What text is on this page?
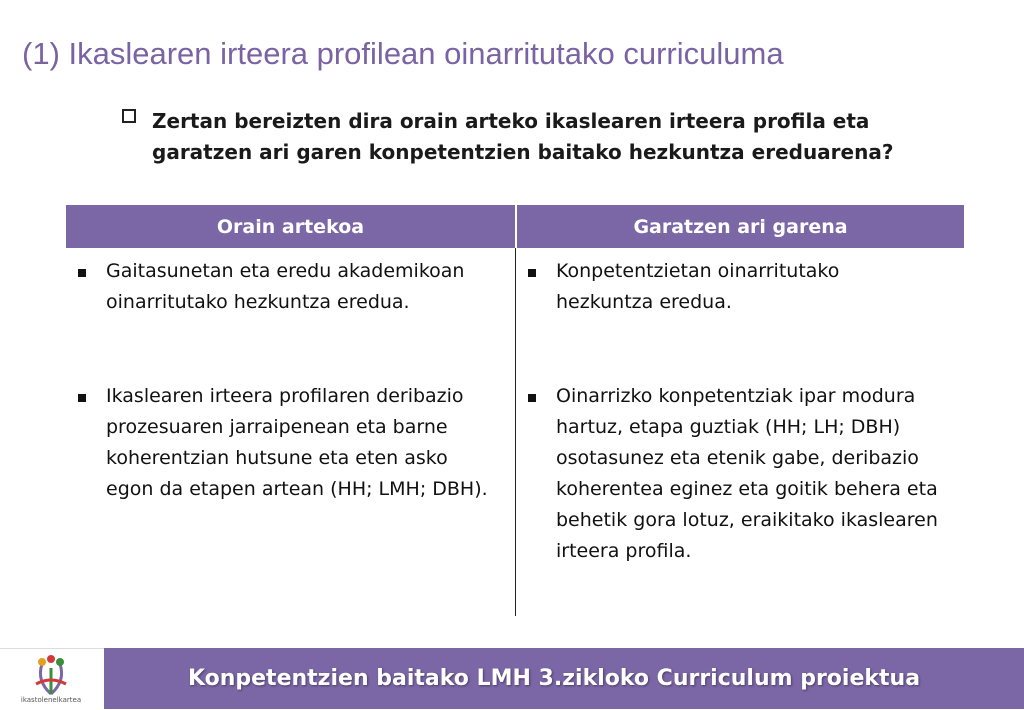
(1) Ikaslearen irteera profilean oinarritutako curriculuma
Zertan bereizten dira orain arteko ikaslearen irteera profila eta garatzen ari garen konpetentzien baitako hezkuntza ereduarena?
Orain artekoa	Garatzen ari garena
Gaitasunetan eta eredu akademikoan oinarritutako hezkuntza eredua.
Ikaslearen irteera profilaren deribazio prozesuaren jarraipenean eta barne koherentzian hutsune eta eten asko egon da etapen artean (HH; LMH; DBH).
Konpetentzietan oinarritutako hezkuntza eredua.
Oinarrizko konpetentziak ipar modura hartuz, etapa guztiak (HH; LH; DBH) osotasunez eta etenik gabe, deribazio koherentea eginez eta goitik behera eta behetik gora lotuz, eraikitako ikaslearen irteera profila.
ikastolenelkartea
Konpetentzien baitako LMH 3.zikloko Curriculum proiektua
